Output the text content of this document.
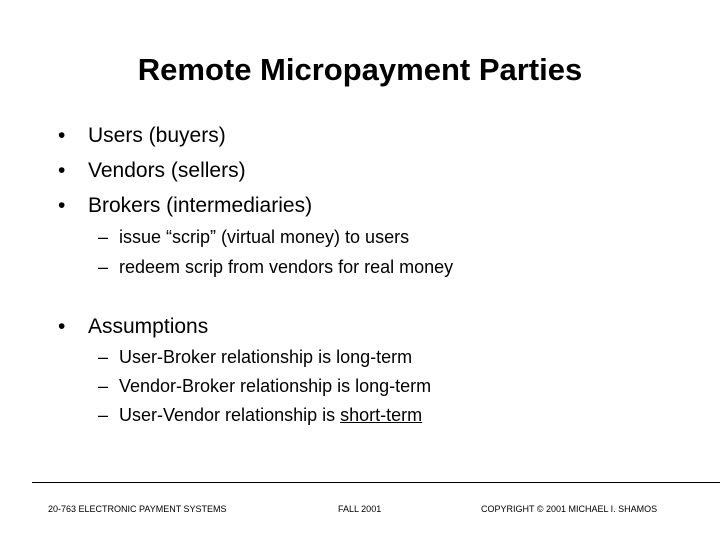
Remote Micropayment Parties
• Users (buyers)
• Vendors (sellers)
• Brokers (intermediaries)
– issue “scrip” (virtual money) to users
– redeem scrip from vendors for real money
• Assumptions
– User-Broker relationship is long-term
– Vendor-Broker relationship is long-term
– User-Vendor relationship is short-term
20-763 ELECTRONIC PAYMENT SYSTEMS	FALL 2001	COPYRIGHT © 2001 MICHAEL I. SHAMOS
